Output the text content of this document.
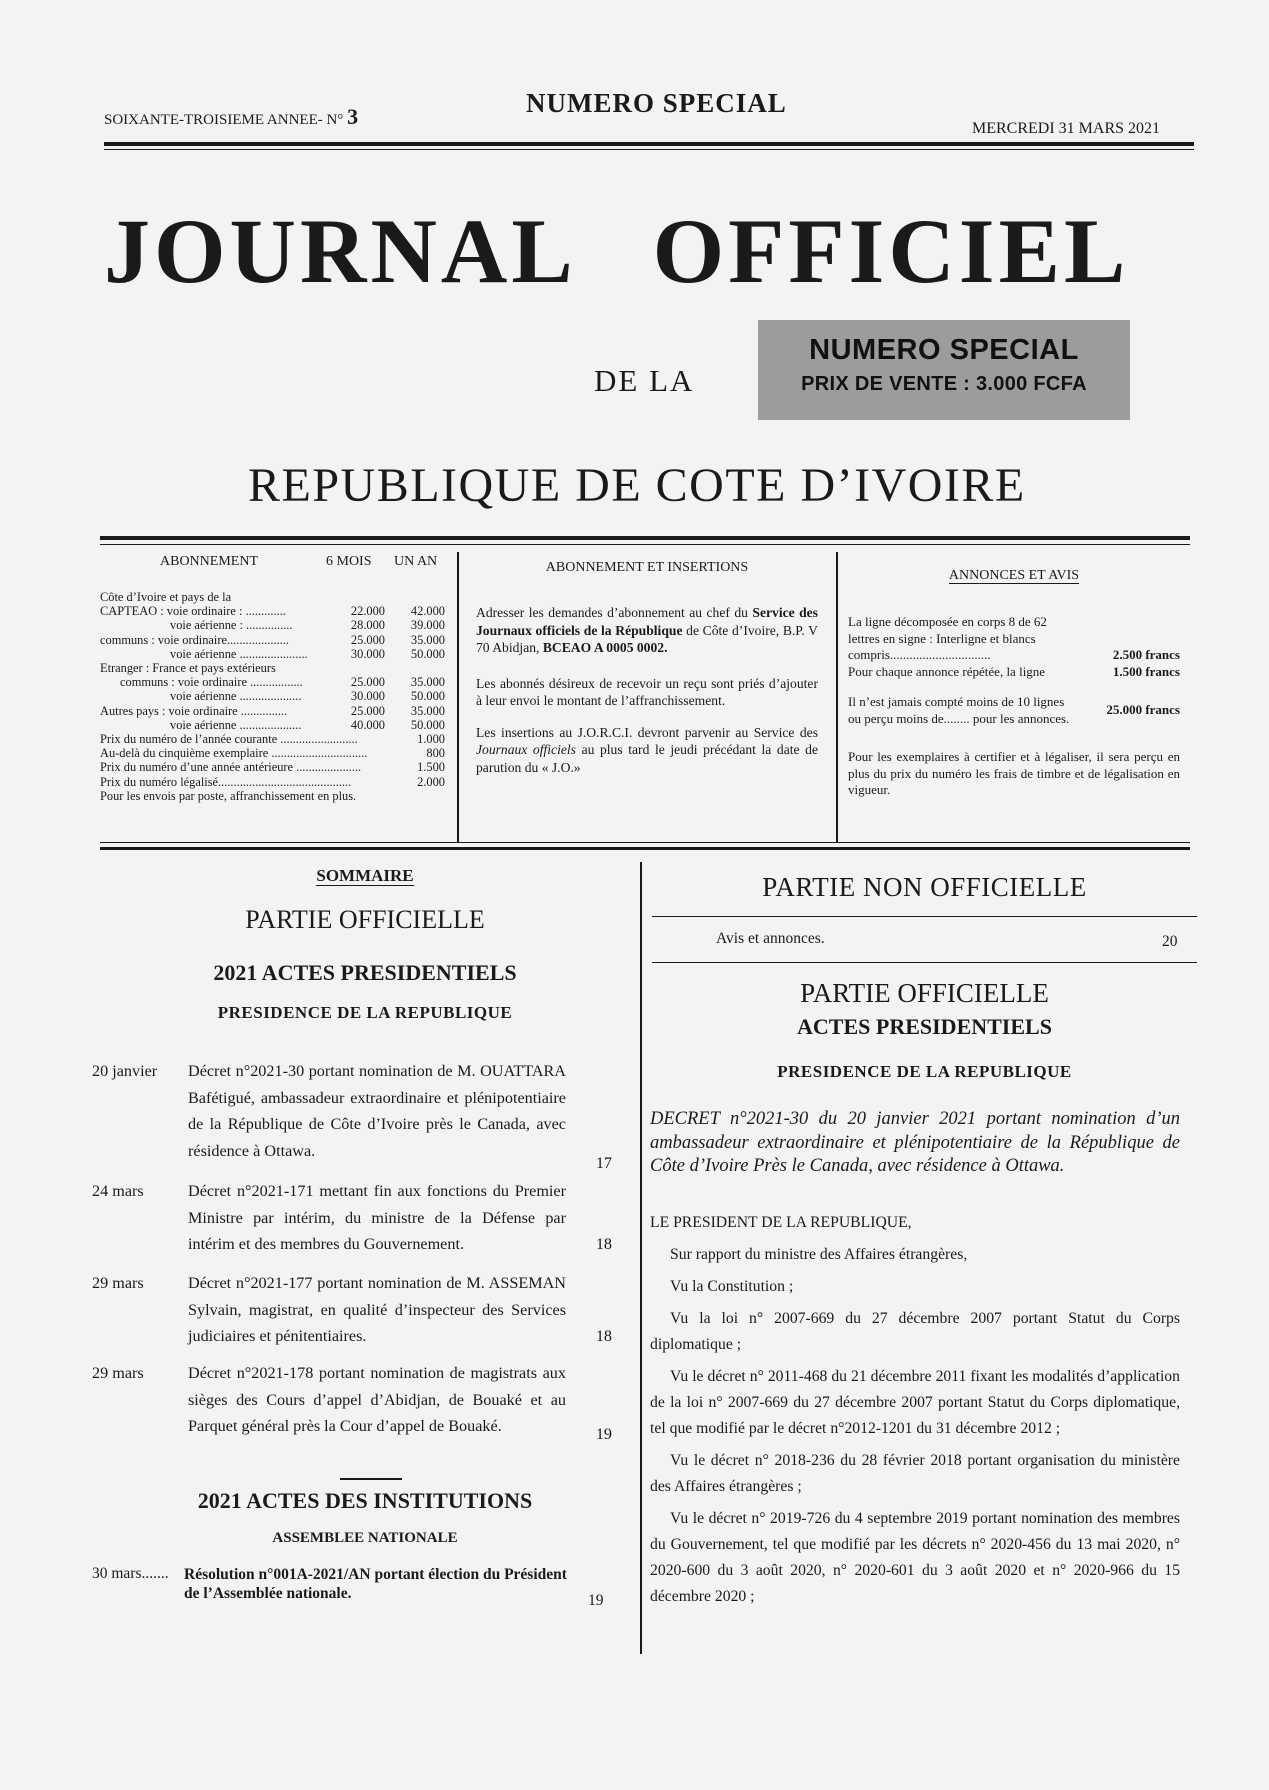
SOIXANTE-TROISIEME ANNEE- N° 3	NUMERO SPECIAL
MERCREDI 31 MARS 2021
JOURNAL   OFFICIEL
DE LA
NUMERO SPECIAL
PRIX DE VENTE : 3.000 FCFA
REPUBLIQUE DE COTE D’IVOIRE
ABONNEMENT	6 MOIS UN AN
Côte d’Ivoire et pays de la
CAPTEAO : voie ordinaire : .............	22.000	42.000
voie aérienne : ...............	28.000	39.000
communs : voie ordinaire....................	25.000	35.000
voie aérienne ......................	30.000	50.000
Etranger : France et pays extérieurs
communs : voie ordinaire .................	25.000	35.000
voie aérienne ....................	30.000	50.000
Autres pays : voie ordinaire ...............	25.000	35.000
voie aérienne ....................	40.000	50.000
Prix du numéro de l’année courante .........................	1.000
Au-delà du cinquième exemplaire ...............................	800
Prix du numéro d’une année antérieure .....................	1.500
Prix du numéro légalisé...........................................	2.000
Pour les envois par poste, affranchissement en plus.
ABONNEMENT ET INSERTIONS

Adresser les demandes d’abonnement au chef du Service des Journaux officiels de la République de Côte d’Ivoire, B.P. V 70 Abidjan, BCEAO A 0005 0002.

Les abonnés désireux de recevoir un reçu sont priés d’ajouter à leur envoi le montant de l’affranchissement.

Les insertions au J.O.R.C.I. devront parvenir au Service des Journaux officiels au plus tard le jeudi précédant la date de parution du « J.O.»

ANNONCES ET AVIS
La ligne décomposée en corps 8 de 62 lettres en signe : Interligne et blancs compris...............................	2.500 francs
Pour chaque annonce répétée, la ligne	1.500 francs
Il n’est jamais compté moins de 10 lignes ou perçu moins de........ pour les annonces.
25.000 francs
Pour les exemplaires à certifier et à légaliser, il sera perçu en plus du prix du numéro les frais de timbre et de légalisation en vigueur.
SOMMAIRE
PARTIE OFFICIELLE
2021 ACTES PRESIDENTIELS
PRESIDENCE DE LA REPUBLIQUE
20 janvier	Décret n°2021-30 portant nomination de M. OUATTARA Bafétigué, ambassadeur extraordinaire et plénipotentiaire de la République de Côte d’Ivoire près le Canada, avec résidence à Ottawa.
17
24 mars	Décret n°2021-171 mettant fin aux fonctions du Premier Ministre par intérim, du ministre de la Défense par intérim et des membres du Gouvernement.	18
29 mars	Décret n°2021-177 portant nomination de M. ASSEMAN Sylvain, magistrat, en qualité d’inspecteur des Services judiciaires et pénitentiaires.	18
29 mars	Décret n°2021-178 portant nomination de magistrats aux sièges des Cours d’appel d’Abidjan, de Bouaké et au Parquet général près la Cour d’appel de Bouaké.	19
2021 ACTES DES INSTITUTIONS
ASSEMBLEE NATIONALE
30 mars....... Résolution n°001A-2021/AN portant élection du Président de l’Assemblée nationale.	19
PARTIE NON OFFICIELLE
Avis et annonces.	20
PARTIE OFFICIELLE
ACTES PRESIDENTIELS
PRESIDENCE DE LA REPUBLIQUE
DECRET n°2021-30 du 20 janvier 2021 portant nomination d’un ambassadeur extraordinaire et plénipotentiaire de la République de Côte d’Ivoire Près le Canada, avec résidence à Ottawa.

LE PRESIDENT DE LA REPUBLIQUE,

Sur rapport du ministre des Affaires étrangères,

Vu la Constitution ;

Vu la loi n° 2007-669 du 27 décembre 2007 portant Statut du Corps diplomatique ;

Vu le décret n° 2011-468 du 21 décembre 2011 fixant les modalités d’application de la loi n° 2007-669 du 27 décembre 2007 portant Statut du Corps diplomatique, tel que modifié par le décret n°2012-1201 du 31 décembre 2012 ;

Vu le décret n° 2018-236 du 28 février 2018 portant organisation du ministère des Affaires étrangères ;

Vu le décret n° 2019-726 du 4 septembre 2019 portant nomination des membres du Gouvernement, tel que modifié par les décrets n° 2020-456 du 13 mai 2020, n° 2020-600 du 3 août 2020, n° 2020-601 du 3 août 2020 et n° 2020-966 du 15 décembre 2020 ;
